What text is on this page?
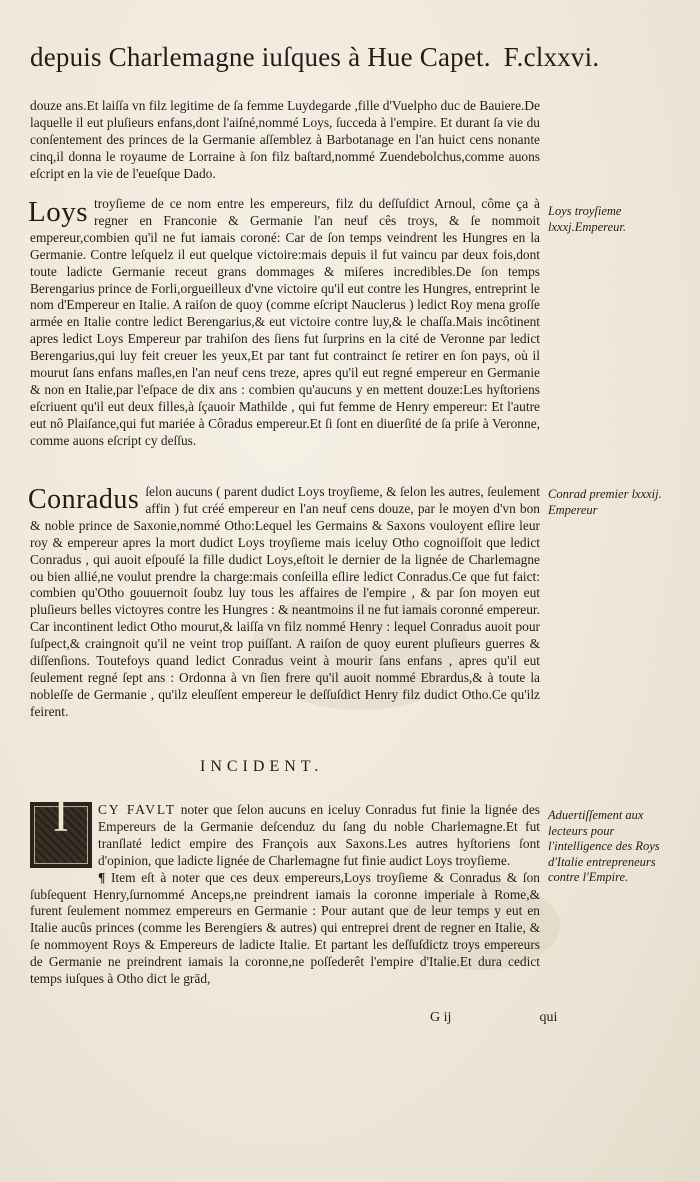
depuis Charlemagne iuſques à Hue Capet. F.clxxvi.

douze ans.Et laiſſa vn filz legitime de ſa femme Luydegarde ,fille d'Vuelpho duc de Bauiere.De laquelle il eut pluſieurs enfans,dont l'aiſné,nommé Loys, ſucceda à l'empire. Et durant ſa vie du conſentement des princes de la Germanie aſſemblez à Barbotanage en l'an huict cens nonante cinq,il donna le royaume de Lorraine à ſon filz baſtard,nommé Zuendebolchus,comme auons eſcript en la vie de l'eueſque Dado.

Loys troyſieme de ce nom entre les empereurs, filz du deſſuſdict Arnoul, côme ça à regner en Franconie & Germanie l'an neuf cês troys, & ſe nommoit empereur,combien qu'il ne fut iamais coroné: Car de ſon temps veindrent les Hungres en la Germanie. Contre leſquelz il eut quelque victoire:mais depuis il fut vaincu par deux fois,dont toute ladicte Germanie receut grans dommages & miſeres incredibles.De ſon temps Berengarius prince de Forli,orgueilleux d'vne victoire qu'il eut contre les Hungres, entreprint le nom d'Empereur en Italie. A raiſon de quoy (comme eſcript Nauclerus ) ledict Roy mena groſſe armée en Italie contre ledict Berengarius,& eut victoire contre luy,& le chaſſa.Mais incôtinent apres ledict Loys Empereur par trahiſon des ſiens fut ſurprins en la cité de Veronne par ledict Berengarius,qui luy feit creuer les yeux,Et par tant fut contrainct ſe retirer en ſon pays, où il mourut ſans enfans maſles,en l'an neuf cens treze, apres qu'il eut regné empereur en Germanie & non en Italie,par l'eſpace de dix ans : combien qu'aucuns y en mettent douze:Les hyſtoriens eſcriuent qu'il eut deux filles,à ſçauoir Mathilde , qui fut femme de Henry empereur: Et l'autre eut nô Plaiſance,qui fut mariée à Côradus empereur.Et ſi ſont en diuerſité de ſa priſe à Veronne, comme auons eſcript cy deſſus.

Loys troyſieme lxxxj.Empereur.

Conradus ſelon aucuns ( parent dudict Loys troyſieme, & ſelon les autres, ſeulement affin ) fut créé empereur en l'an neuf cens douze, par le moyen d'vn bon & noble prince de Saxonie,nommé Otho:Lequel les Germains & Saxons vouloyent eſlire leur roy & empereur apres la mort dudict Loys troyſieme mais iceluy Otho cognoiſſoit que ledict Conradus , qui auoit eſpouſé la fille dudict Loys,eſtoit le dernier de la lignée de Charlemagne ou bien allié,ne voulut prendre la charge:mais conſeilla eſlire ledict Conradus.Ce que fut faict: combien qu'Otho gouuernoit ſoubz luy tous les affaires de l'empire , & par ſon moyen eut pluſieurs belles victoyres contre les Hungres : & neantmoins il ne fut iamais coronné empereur. Car incontinent ledict Otho mourut,& laiſſa vn filz nommé Henry : lequel Conradus auoit pour ſuſpect,& craingnoit qu'il ne veint trop puiſſant. A raiſon de quoy eurent pluſieurs guerres & diſſenſions. Toutefoys quand ledict Conradus veint à mourir ſans enfans , apres qu'il eut ſeulement regné ſept ans : Ordonna à vn ſien frere qu'il auoit nommé Ebrardus,& à toute la nobleſſe de Germanie , qu'ilz eleuſſent empereur le deſſuſdict Henry filz dudict Otho.Ce qu'ilz feirent.

Conrad premier lxxxij. Empereur
INCIDENT.

I	CY FAVLT noter que ſelon aucuns en iceluy Conradus fut finie la lignée des Empereurs de la Germanie deſcenduz du ſang du noble Charlemagne.Et fut tranſlaté ledict empire des François aux Saxons.Les autres hyſtoriens ſont d'opinion, que ladicte lignée de Charlemagne fut finie audict Loys troyſieme.

¶ Item eſt à noter que ces deux empereurs,Loys troyſieme & Conradus & ſon ſubſequent Henry,ſurnommé Anceps,ne preindrent iamais la coronne imperiale à Rome,& furent ſeulement nommez empereurs en Germanie : Pour autant que de leur temps y eut en Italie aucûs princes (comme les Berengiers & autres) qui entreprei drent de regner en Italie, & ſe nommoyent Roys & Empereurs de ladicte Italie. Et partant les deſſuſdictz troys empereurs de Germanie ne preindrent iamais la coronne,ne poſſederêt l'empire d'Italie.Et dura cedict temps iuſques à Otho dict le grād,

Aduertiſſement aux lecteurs pour l'intelligence des Roys d'Italie entrepreneurs contre l'Empire.
G ij	qui
